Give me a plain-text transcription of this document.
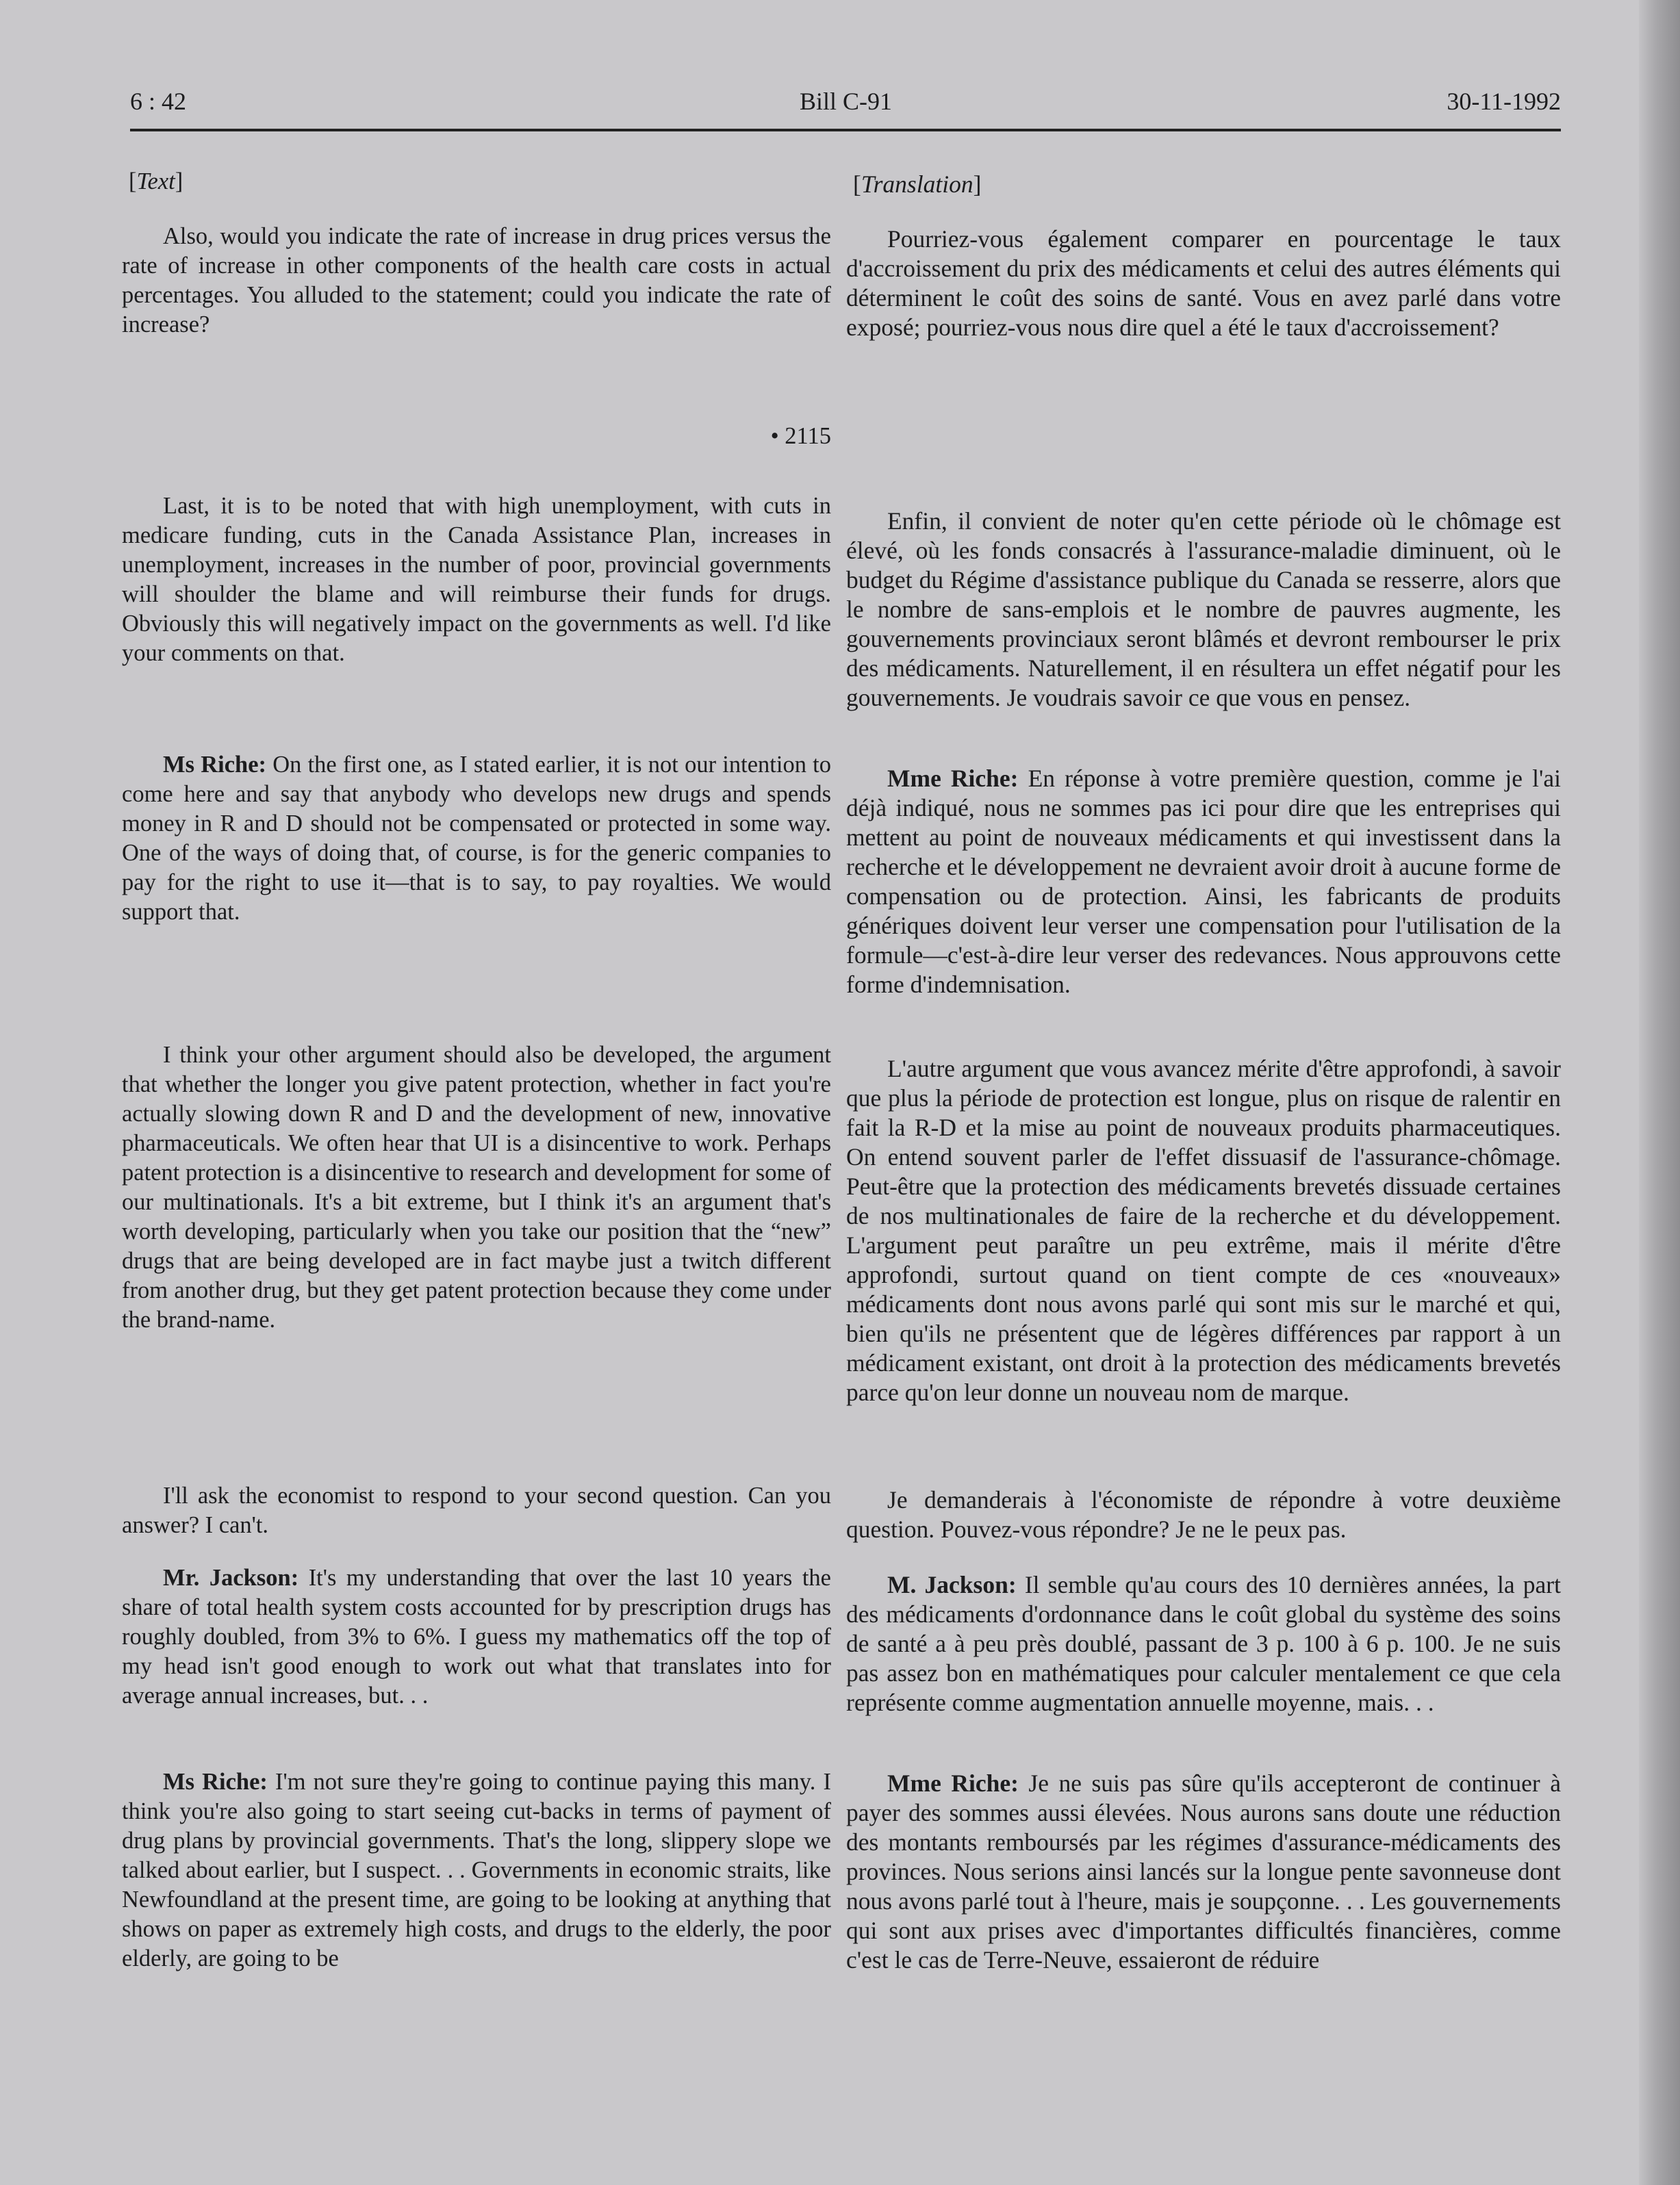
6 : 42	Bill C-91	30-11-1992

[Text]

Also, would you indicate the rate of increase in drug prices versus the rate of increase in other components of the health care costs in actual percentages. You alluded to the statement; could you indicate the rate of increase?

• 2115

Last, it is to be noted that with high unemployment, with cuts in medicare funding, cuts in the Canada Assistance Plan, increases in unemployment, increases in the number of poor, provincial governments will shoulder the blame and will reimburse their funds for drugs. Obviously this will negatively impact on the governments as well. I'd like your comments on that.

Ms Riche: On the first one, as I stated earlier, it is not our intention to come here and say that anybody who develops new drugs and spends money in R and D should not be compensated or protected in some way. One of the ways of doing that, of course, is for the generic companies to pay for the right to use it—that is to say, to pay royalties. We would support that.

I think your other argument should also be developed, the argument that whether the longer you give patent protection, whether in fact you're actually slowing down R and D and the development of new, innovative pharmaceuticals. We often hear that UI is a disincentive to work. Perhaps patent protection is a disincentive to research and development for some of our multinationals. It's a bit extreme, but I think it's an argument that's worth developing, particularly when you take our position that the “new” drugs that are being developed are in fact maybe just a twitch different from another drug, but they get patent protection because they come under the brand-name.

I'll ask the economist to respond to your second question. Can you answer? I can't.

Mr. Jackson: It's my understanding that over the last 10 years the share of total health system costs accounted for by prescription drugs has roughly doubled, from 3% to 6%. I guess my mathematics off the top of my head isn't good enough to work out what that translates into for average annual increases, but. . .

Ms Riche: I'm not sure they're going to continue paying this many. I think you're also going to start seeing cut-backs in terms of payment of drug plans by provincial governments. That's the long, slippery slope we talked about earlier, but I suspect. . . Governments in economic straits, like Newfoundland at the present time, are going to be looking at anything that shows on paper as extremely high costs, and drugs to the elderly, the poor elderly, are going to be

[Translation]

Pourriez-vous également comparer en pourcentage le taux d'accroissement du prix des médicaments et celui des autres éléments qui déterminent le coût des soins de santé. Vous en avez parlé dans votre exposé; pourriez-vous nous dire quel a été le taux d'accroissement?

Enfin, il convient de noter qu'en cette période où le chômage est élevé, où les fonds consacrés à l'assurance-maladie diminuent, où le budget du Régime d'assistance publique du Canada se resserre, alors que le nombre de sans-emplois et le nombre de pauvres augmente, les gouvernements provinciaux seront blâmés et devront rembourser le prix des médicaments. Naturellement, il en résultera un effet négatif pour les gouvernements. Je voudrais savoir ce que vous en pensez.

Mme Riche: En réponse à votre première question, comme je l'ai déjà indiqué, nous ne sommes pas ici pour dire que les entreprises qui mettent au point de nouveaux médicaments et qui investissent dans la recherche et le développement ne devraient avoir droit à aucune forme de compensation ou de protection. Ainsi, les fabricants de produits génériques doivent leur verser une compensation pour l'utilisation de la formule—c'est-à-dire leur verser des redevances. Nous approuvons cette forme d'indemnisation.

L'autre argument que vous avancez mérite d'être approfondi, à savoir que plus la période de protection est longue, plus on risque de ralentir en fait la R-D et la mise au point de nouveaux produits pharmaceutiques. On entend souvent parler de l'effet dissuasif de l'assurance-chômage. Peut-être que la protection des médicaments brevetés dissuade certaines de nos multinationales de faire de la recherche et du développement. L'argument peut paraître un peu extrême, mais il mérite d'être approfondi, surtout quand on tient compte de ces «nouveaux» médicaments dont nous avons parlé qui sont mis sur le marché et qui, bien qu'ils ne présentent que de légères différences par rapport à un médicament existant, ont droit à la protection des médicaments brevetés parce qu'on leur donne un nouveau nom de marque.

Je demanderais à l'économiste de répondre à votre deuxième question. Pouvez-vous répondre? Je ne le peux pas.

M. Jackson: Il semble qu'au cours des 10 dernières années, la part des médicaments d'ordonnance dans le coût global du système des soins de santé a à peu près doublé, passant de 3 p. 100 à 6 p. 100. Je ne suis pas assez bon en mathématiques pour calculer mentalement ce que cela représente comme augmentation annuelle moyenne, mais. . .

Mme Riche: Je ne suis pas sûre qu'ils accepteront de continuer à payer des sommes aussi élevées. Nous aurons sans doute une réduction des montants remboursés par les régimes d'assurance-médicaments des provinces. Nous serions ainsi lancés sur la longue pente savonneuse dont nous avons parlé tout à l'heure, mais je soupçonne. . . Les gouvernements qui sont aux prises avec d'importantes difficultés financières, comme c'est le cas de Terre-Neuve, essaieront de réduire
